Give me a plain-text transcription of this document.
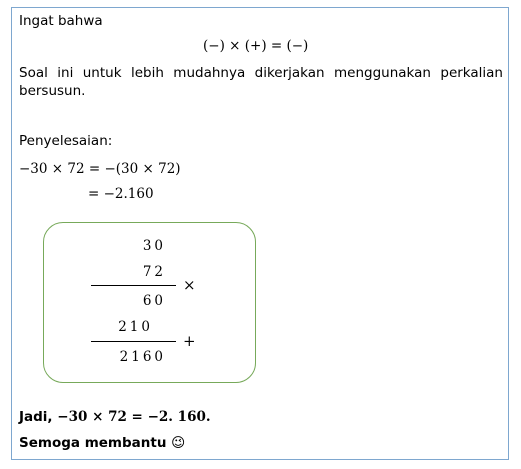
Ingat bahwa
(−) × (+) = (−)
Soal ini untuk lebih mudahnya dikerjakan menggunakan perkalian
bersusun.
Penyelesaian:
−30 × 72 = −(30 × 72)
= −2.160
30
72
×
60
210
+
2160
Jadi, −30 × 72 = −2. 160.
Semoga membantu 😉
